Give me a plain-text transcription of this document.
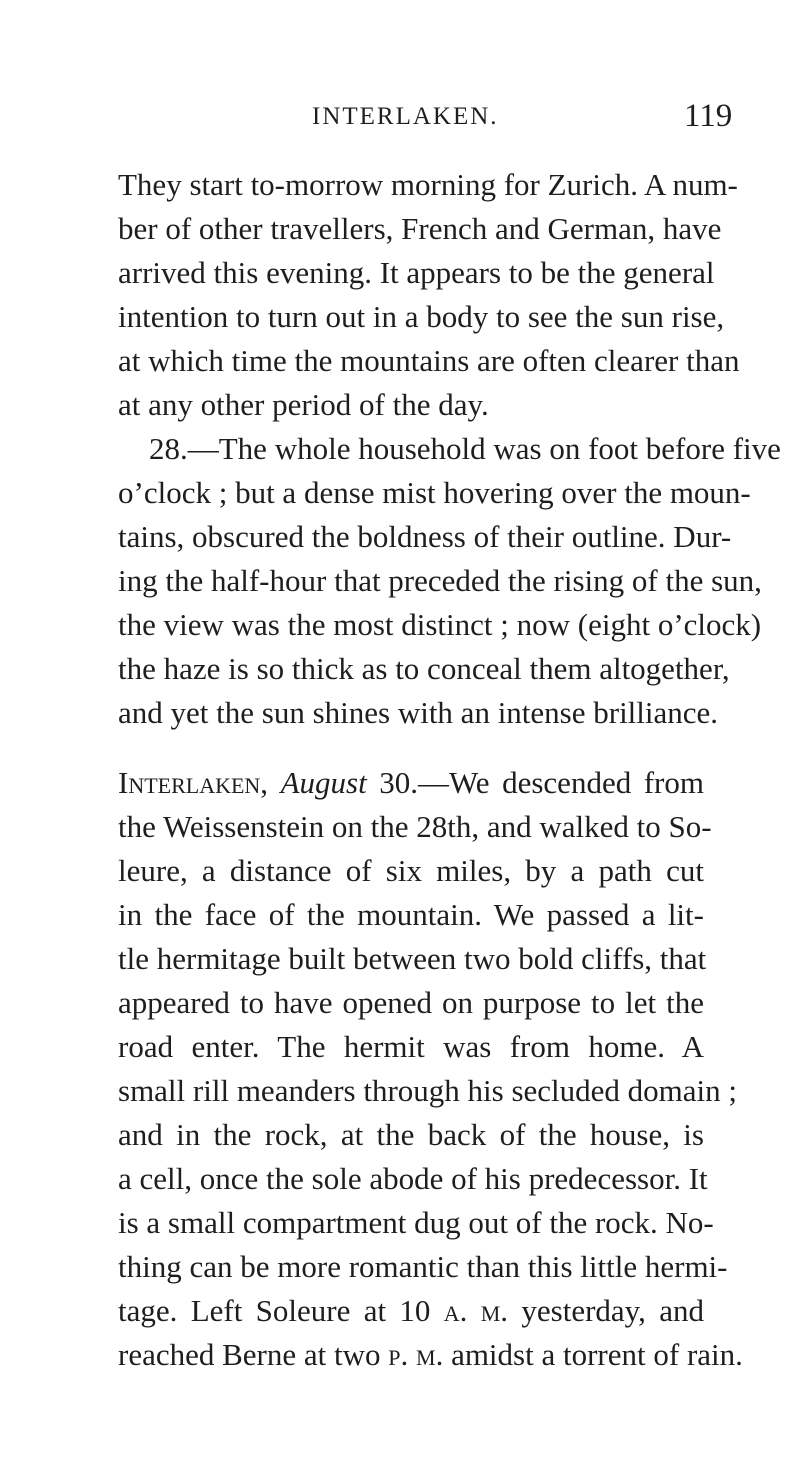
INTERLAKEN.	119
They start to-morrow morning for Zurich. A num-
ber of other travellers, French and German, have
arrived this evening. It appears to be the general
intention to turn out in a body to see the sun rise,
at which time the mountains are often clearer than
at any other period of the day.
28.—The whole household was on foot before five
o’clock ; but a dense mist hovering over the moun-
tains, obscured the boldness of their outline. Dur-
ing the half-hour that preceded the rising of the sun,
the view was the most distinct ; now (eight o’clock)
the haze is so thick as to conceal them altogether,
and yet the sun shines with an intense brilliance.
Interlaken, August 30.—We descended from
the Weissenstein on the 28th, and walked to So-
leure, a distance of six miles, by a path cut
in the face of the mountain. We passed a lit-
tle hermitage built between two bold cliffs, that
appeared to have opened on purpose to let the
road enter. The hermit was from home. A
small rill meanders through his secluded domain ;
and in the rock, at the back of the house, is
a cell, once the sole abode of his predecessor. It
is a small compartment dug out of the rock. No-
thing can be more romantic than this little hermi-
tage. Left Soleure at 10 a. m. yesterday, and
reached Berne at two p. m. amidst a torrent of rain.
